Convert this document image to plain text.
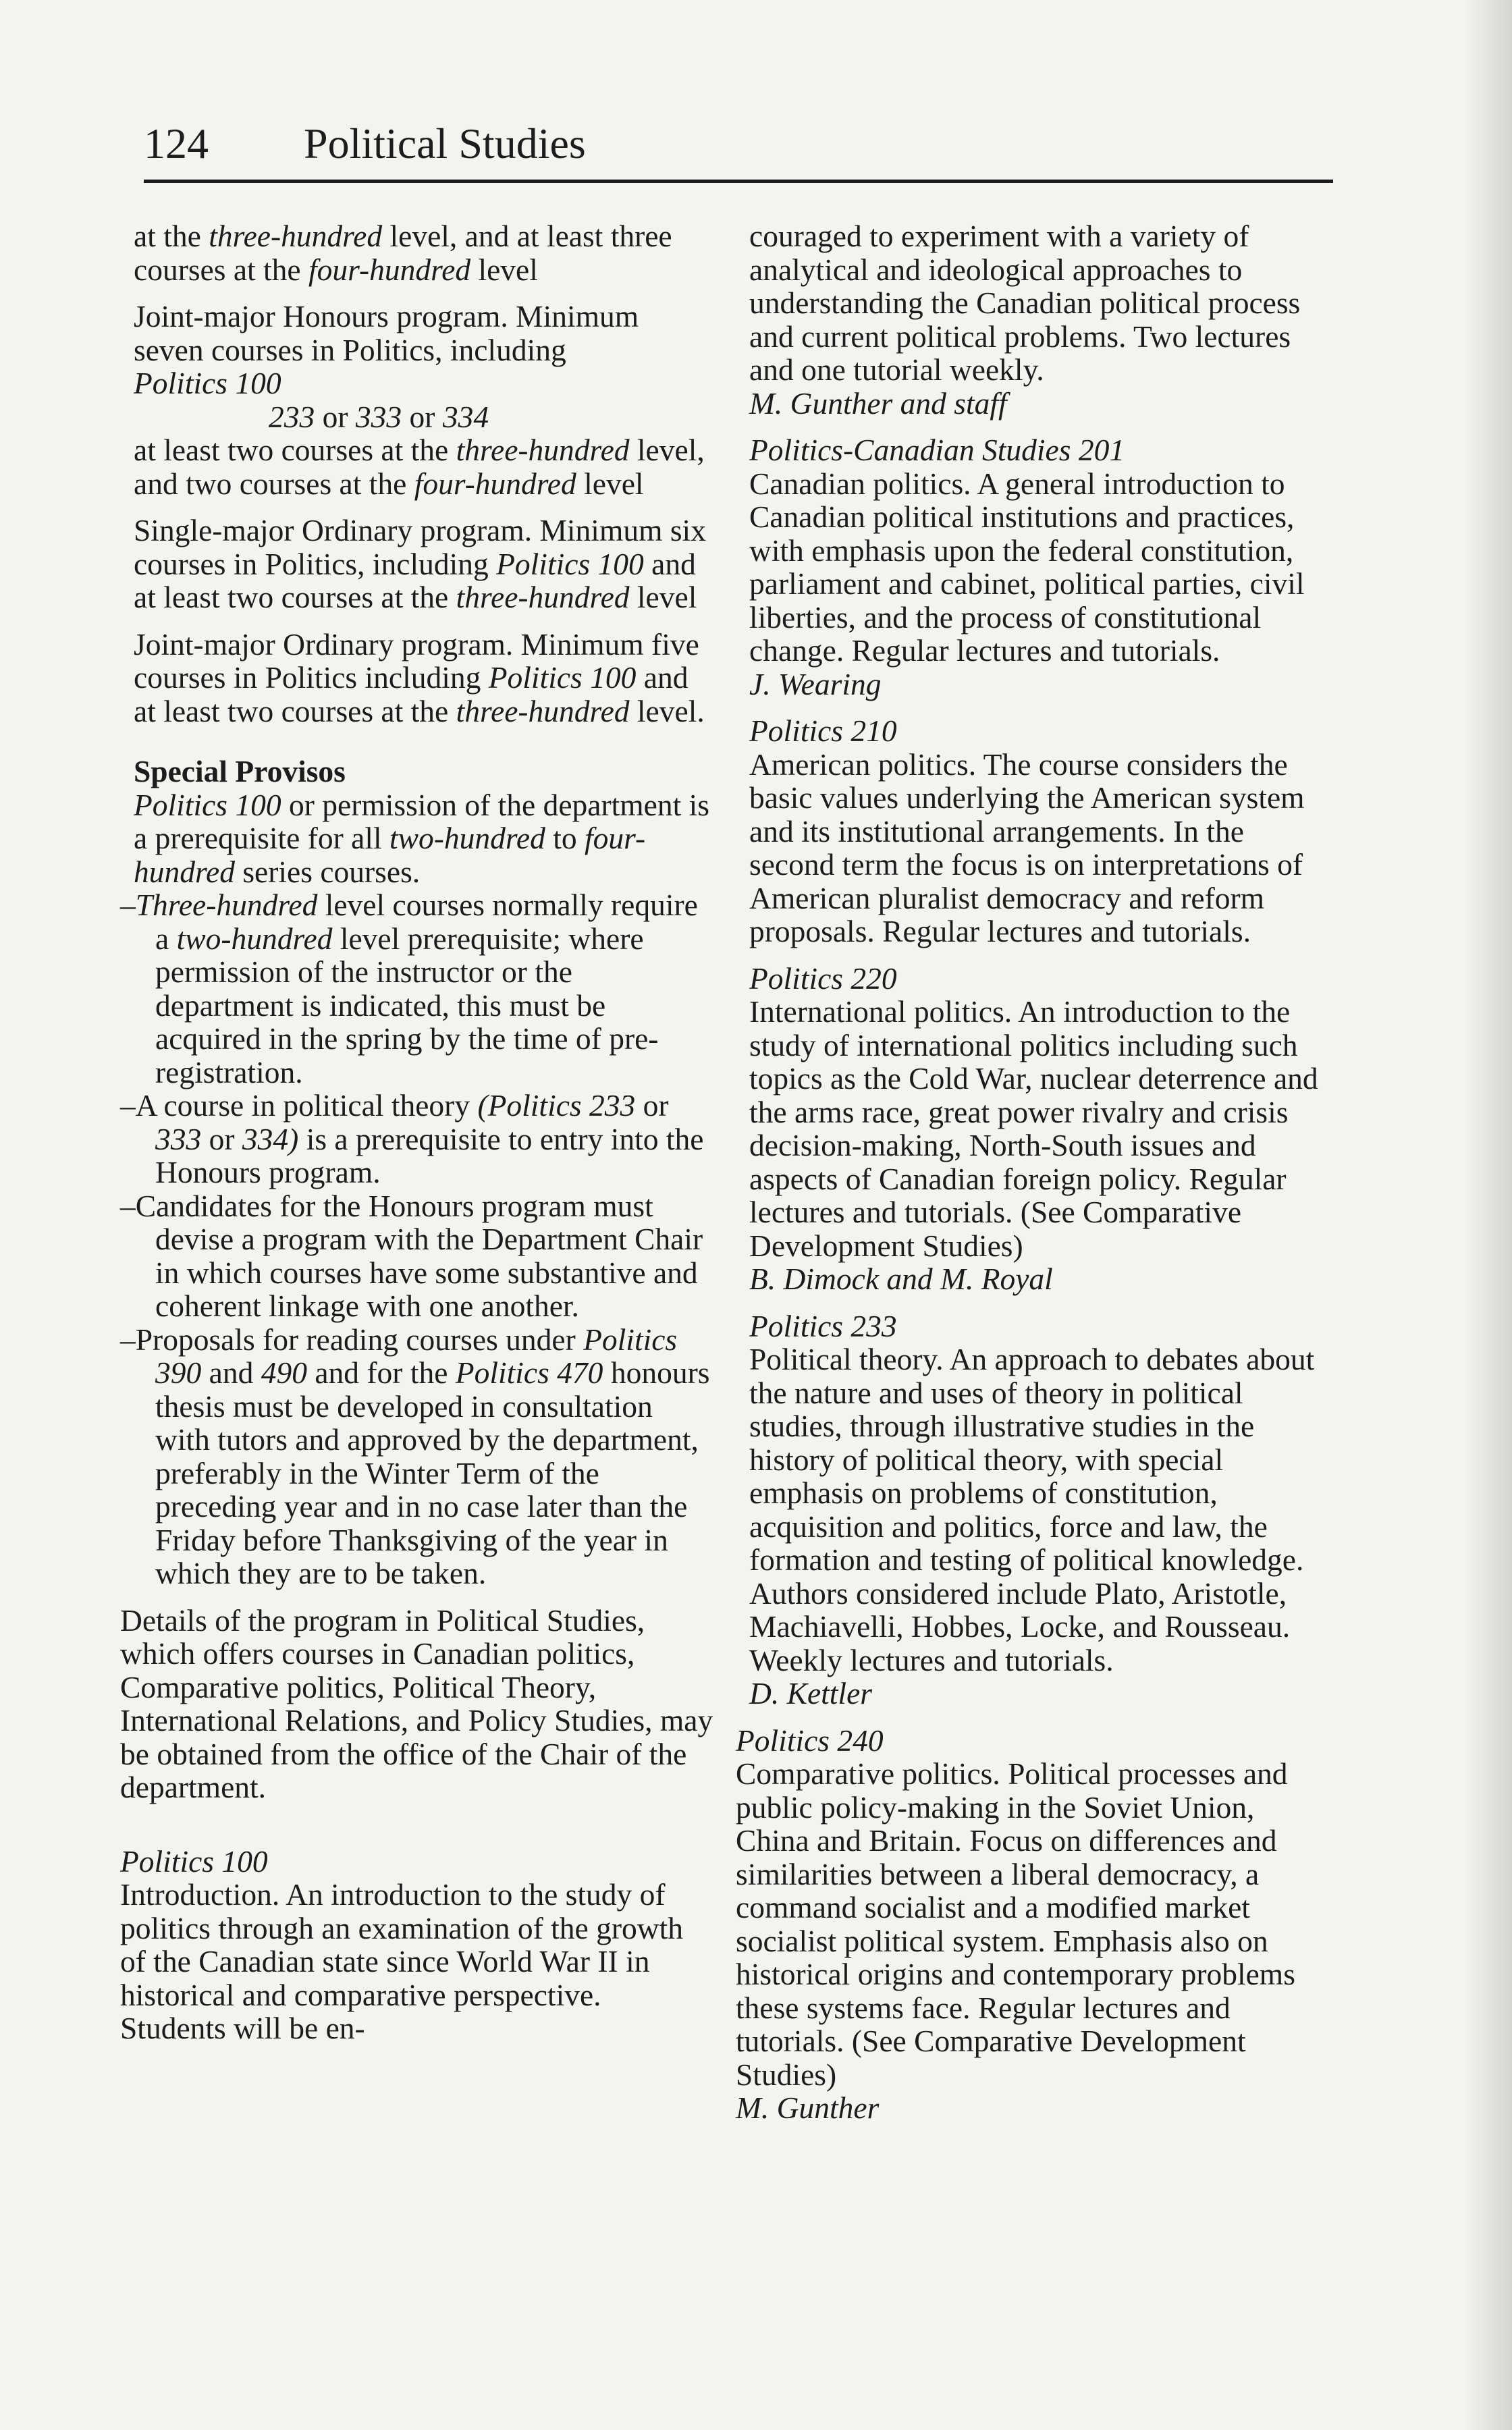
124 Political Studies

at the three-hundred level, and at least three courses at the four-hundred level

Joint-major Honours program. Minimum seven courses in Politics, including
Politics 100

233 or 333 or 334

at least two courses at the three-hundred level, and two courses at the four-hundred level

Single-major Ordinary program. Minimum six courses in Politics, including Politics 100 and at least two courses at the three-hundred level

Joint-major Ordinary program. Minimum five courses in Politics including Politics 100 and at least two courses at the three-hundred level.

Special Provisos

Politics 100 or permission of the department is a prerequisite for all two-hundred to four-hundred series courses.

–Three-hundred level courses normally require a two-hundred level prerequisite; where permission of the instructor or the department is indicated, this must be acquired in the spring by the time of pre-registration.

–A course in political theory (Politics 233 or 333 or 334) is a prerequisite to entry into the Honours program.

–Candidates for the Honours program must devise a program with the Department Chair in which courses have some substantive and coherent linkage with one another.

–Proposals for reading courses under Politics 390 and 490 and for the Politics 470 honours thesis must be developed in consultation with tutors and approved by the department, preferably in the Winter Term of the preceding year and in no case later than the Friday before Thanksgiving of the year in which they are to be taken.

Details of the program in Political Studies, which offers courses in Canadian politics, Comparative politics, Political Theory, International Relations, and Policy Studies, may be obtained from the office of the Chair of the department.

Politics 100

Introduction. An introduction to the study of politics through an examination of the growth of the Canadian state since World War II in historical and comparative perspective. Students will be en-

couraged to experiment with a variety of analytical and ideological approaches to understanding the Canadian political process and current political problems. Two lectures and one tutorial weekly.

M. Gunther and staff

Politics-Canadian Studies 201

Canadian politics. A general introduction to Canadian political institutions and practices, with emphasis upon the federal constitution, parliament and cabinet, political parties, civil liberties, and the process of constitutional change. Regular lectures and tutorials.

J. Wearing

Politics 210

American politics. The course considers the basic values underlying the American system and its institutional arrangements. In the second term the focus is on interpretations of American pluralist democracy and reform proposals. Regular lectures and tutorials.

Politics 220

International politics. An introduction to the study of international politics including such topics as the Cold War, nuclear deterrence and the arms race, great power rivalry and crisis decision-making, North-South issues and aspects of Canadian foreign policy. Regular lectures and tutorials. (See Comparative Development Studies)

B. Dimock and M. Royal

Politics 233

Political theory. An approach to debates about the nature and uses of theory in political studies, through illustrative studies in the history of political theory, with special emphasis on problems of constitution, acquisition and politics, force and law, the formation and testing of political knowledge. Authors considered include Plato, Aristotle, Machiavelli, Hobbes, Locke, and Rousseau. Weekly lectures and tutorials.

D. Kettler

Politics 240

Comparative politics. Political processes and public policy-making in the Soviet Union, China and Britain. Focus on differences and similarities between a liberal democracy, a command socialist and a modified market socialist political system. Emphasis also on historical origins and contemporary problems these systems face. Regular lectures and tutorials. (See Comparative Development Studies)

M. Gunther
